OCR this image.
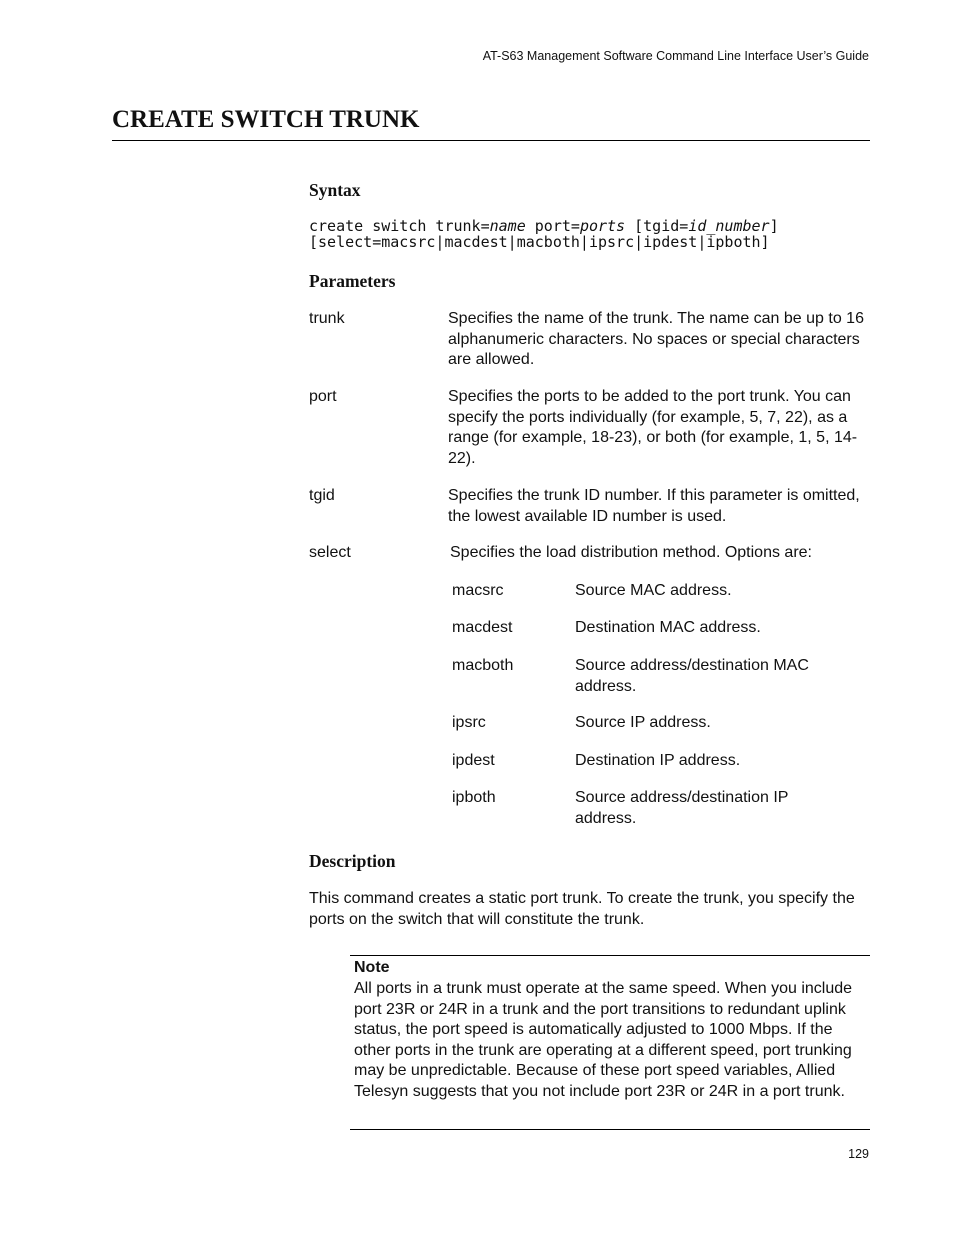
AT-S63 Management Software Command Line Interface User’s Guide
CREATE SWITCH TRUNK
Syntax
create switch trunk=name port=ports [tgid=id_number]
[select=macsrc|macdest|macboth|ipsrc|ipdest|ipboth]
Parameters
trunk	Specifies the name of the trunk. The name can be up to 16 alphanumeric characters. No spaces or special characters are allowed.
port	Specifies the ports to be added to the port trunk. You can specify the ports individually (for example, 5, 7, 22), as a range (for example, 18-23), or both (for example, 1, 5, 14-22).
tgid	Specifies the trunk ID number. If this parameter is omitted, the lowest available ID number is used.
select	Specifies the load distribution method. Options are:
macsrc	Source MAC address.
macdest	Destination MAC address.
macboth	Source address/destination MAC address.
ipsrc	Source IP address.
ipdest	Destination IP address.
ipboth	Source address/destination IP address.
Description
This command creates a static port trunk. To create the trunk, you specify the ports on the switch that will constitute the trunk.
Note
All ports in a trunk must operate at the same speed. When you include port 23R or 24R in a trunk and the port transitions to redundant uplink status, the port speed is automatically adjusted to 1000 Mbps. If the other ports in the trunk are operating at a different speed, port trunking may be unpredictable. Because of these port speed variables, Allied Telesyn suggests that you not include port 23R or 24R in a port trunk.
129
